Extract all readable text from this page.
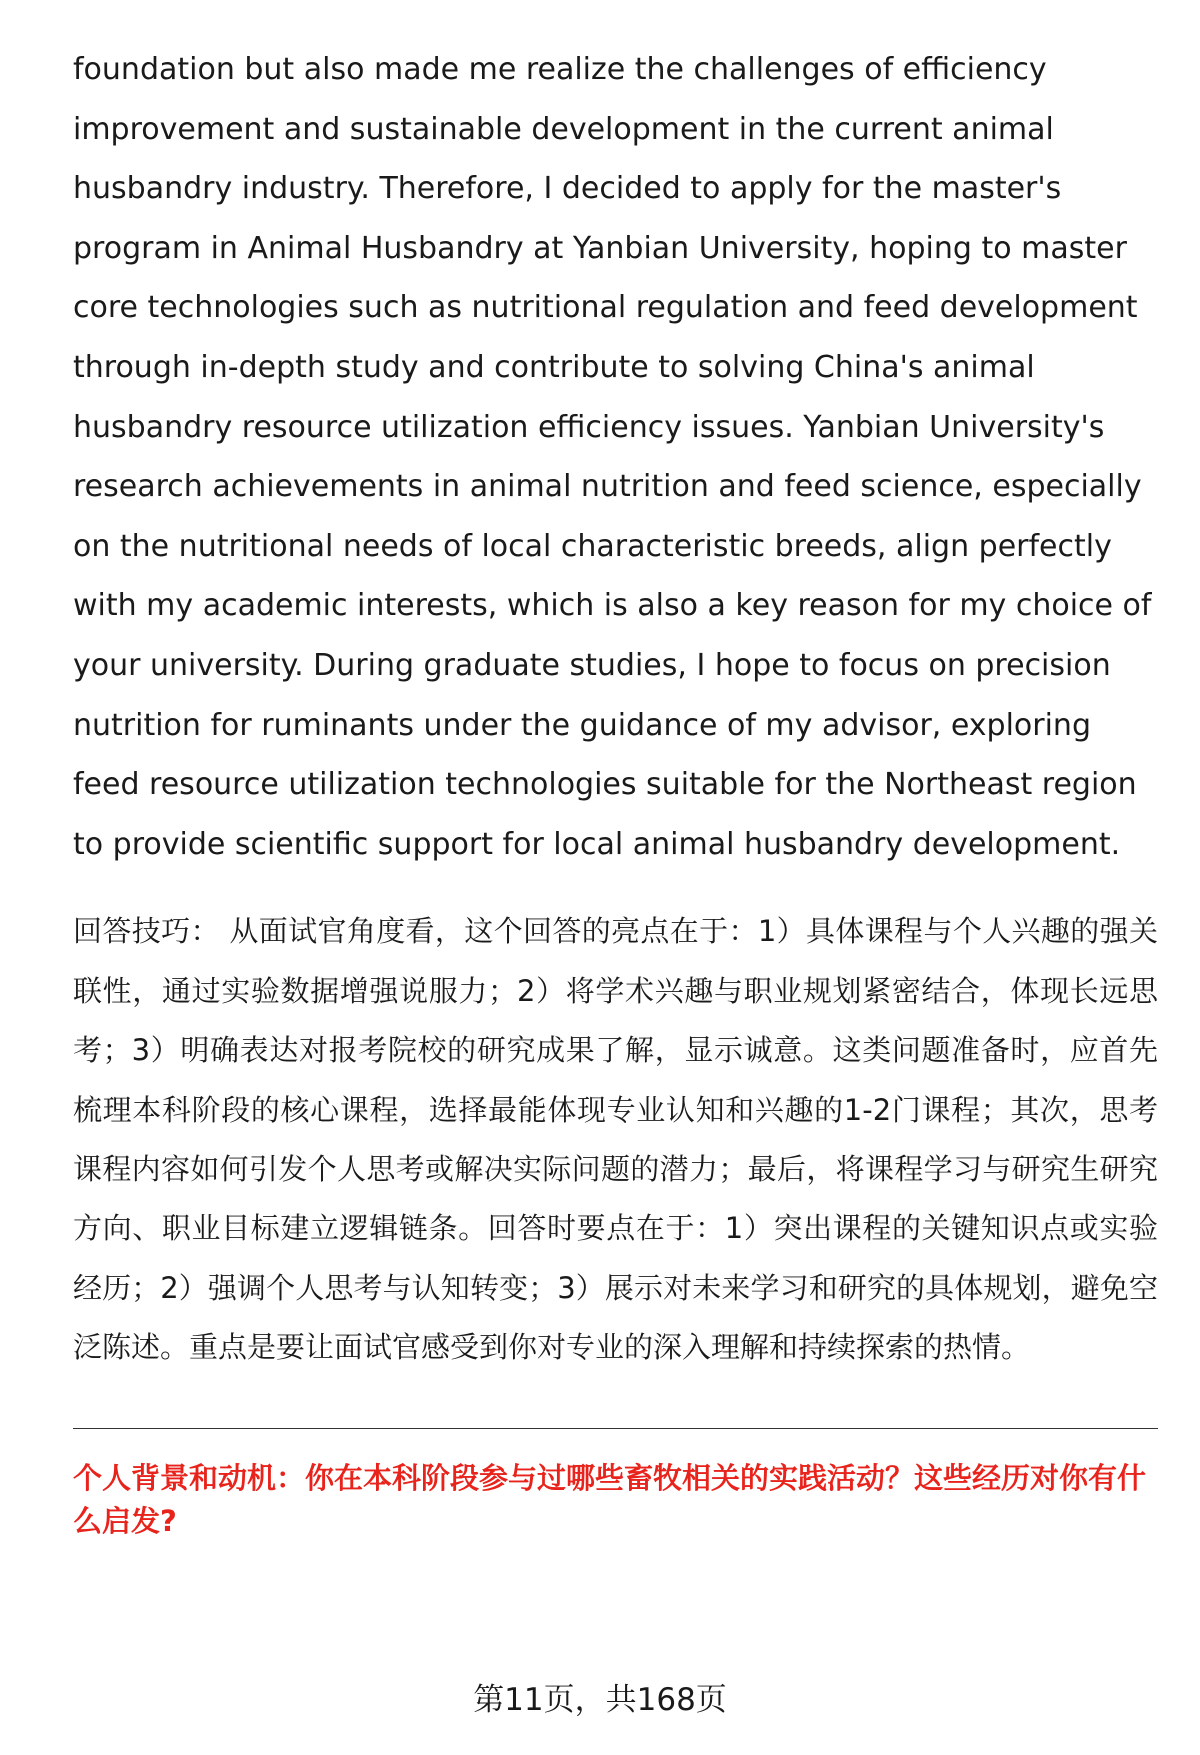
foundation but also made me realize the challenges of efficiency improvement and sustainable development in the current animal husbandry industry. Therefore, I decided to apply for the master's program in Animal Husbandry at Yanbian University, hoping to master core technologies such as nutritional regulation and feed development through in-depth study and contribute to solving China's animal husbandry resource utilization efficiency issues. Yanbian University's research achievements in animal nutrition and feed science, especially on the nutritional needs of local characteristic breeds, align perfectly with my academic interests, which is also a key reason for my choice of your university. During graduate studies, I hope to focus on precision nutrition for ruminants under the guidance of my advisor, exploring feed resource utilization technologies suitable for the Northeast region to provide scientific support for local animal husbandry development.

回答技巧： 从面试官角度看，这个回答的亮点在于：1）具体课程与个人兴趣的强关联性，通过实验数据增强说服力；2）将学术兴趣与职业规划紧密结合，体现长远思考；3）明确表达对报考院校的研究成果了解，显示诚意。这类问题准备时，应首先梳理本科阶段的核心课程，选择最能体现专业认知和兴趣的1-2门课程；其次，思考课程内容如何引发个人思考或解决实际问题的潜力；最后，将课程学习与研究生研究方向、职业目标建立逻辑链条。回答时要点在于：1）突出课程的关键知识点或实验经历；2）强调个人思考与认知转变；3）展示对未来学习和研究的具体规划，避免空泛陈述。重点是要让面试官感受到你对专业的深入理解和持续探索的热情。

个人背景和动机：你在本科阶段参与过哪些畜牧相关的实践活动？这些经历对你有什么启发?

第11页，共168页
